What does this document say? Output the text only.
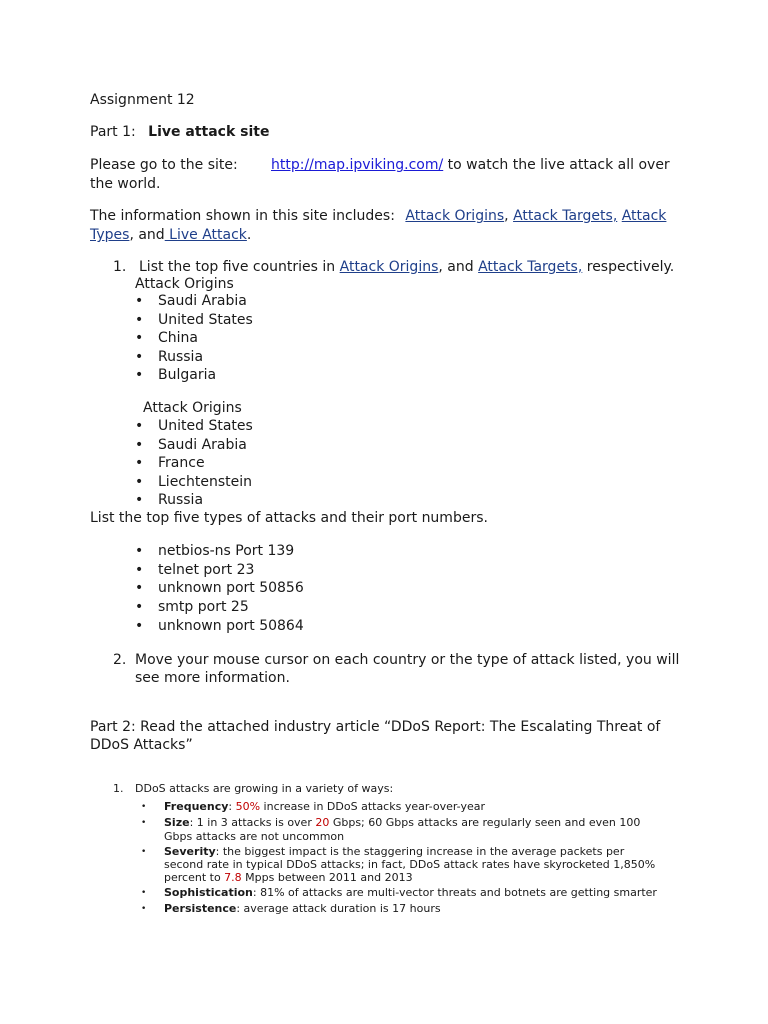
Assignment 12
Part 1: Live attack site
Please go to the site: http://map.ipviking.com/ to watch the live attack all over
the world.
The information shown in this site includes: Attack Origins, Attack Targets, Attack
Types, and Live Attack.
1. List the top five countries in Attack Origins, and Attack Targets, respectively.
Attack Origins
• Saudi Arabia
• United States
• China
• Russia
• Bulgaria
Attack Origins
• United States
• Saudi Arabia
• France
• Liechtenstein
• Russia
List the top five types of attacks and their port numbers.
• netbios-ns Port 139
• telnet port 23
• unknown port 50856
• smtp port 25
• unknown port 50864
2. Move your mouse cursor on each country or the type of attack listed, you will
see more information.
Part 2: Read the attached industry article “DDoS Report: The Escalating Threat of
DDoS Attacks”
1. DDoS attacks are growing in a variety of ways:
• Frequency: 50% increase in DDoS attacks year-over-year
• Size: 1 in 3 attacks is over 20 Gbps; 60 Gbps attacks are regularly seen and even 100
Gbps attacks are not uncommon
• Severity: the biggest impact is the staggering increase in the average packets per
second rate in typical DDoS attacks; in fact, DDoS attack rates have skyrocketed 1,850%
percent to 7.8 Mpps between 2011 and 2013
• Sophistication: 81% of attacks are multi-vector threats and botnets are getting smarter
• Persistence: average attack duration is 17 hours
